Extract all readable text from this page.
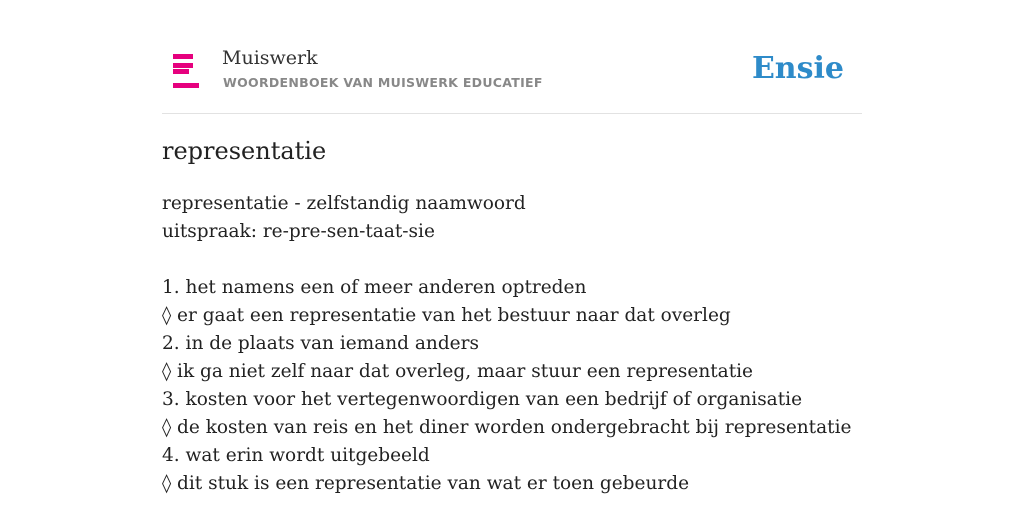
Muiswerk
WOORDENBOEK VAN MUISWERK EDUCATIEF	Ensie
representatie
representatie - zelfstandig naamwoord
uitspraak: re-pre-sen-taat-sie
1. het namens een of meer anderen optreden
◊ er gaat een representatie van het bestuur naar dat overleg
2. in de plaats van iemand anders
◊ ik ga niet zelf naar dat overleg, maar stuur een representatie
3. kosten voor het vertegenwoordigen van een bedrijf of organisatie
◊ de kosten van reis en het diner worden ondergebracht bij representatie
4. wat erin wordt uitgebeeld
◊ dit stuk is een representatie van wat er toen gebeurde
